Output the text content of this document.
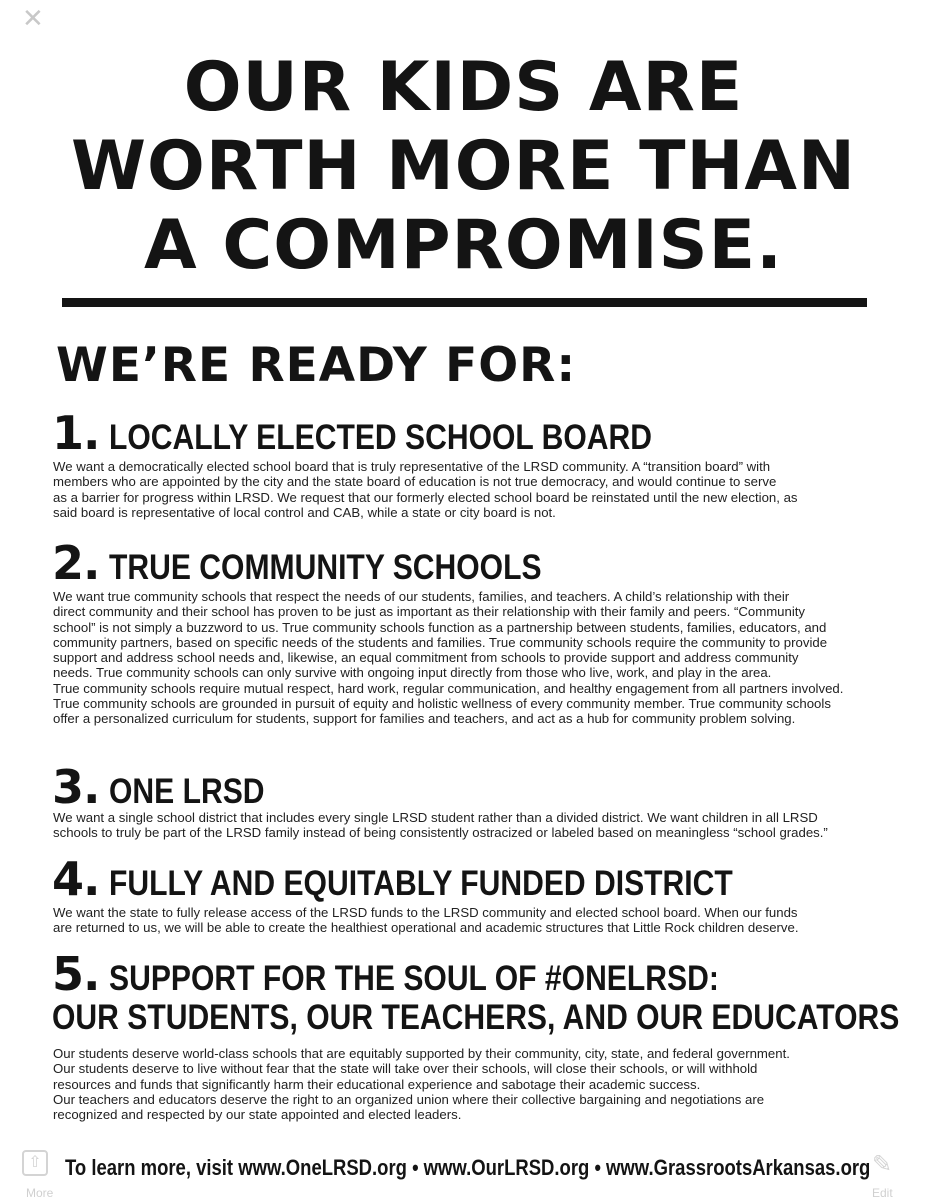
✕
OUR KIDS ARE
WORTH MORE THAN
A COMPROMISE.
WE’RE READY FOR:
1. LOCALLY ELECTED SCHOOL BOARD
We want a democratically elected school board that is truly representative of the LRSD community. A “transition board” with
members who are appointed by the city and the state board of education is not true democracy, and would continue to serve
as a barrier for progress within LRSD. We request that our formerly elected school board be reinstated until the new election, as
said board is representative of local control and CAB, while a state or city board is not.
2. TRUE COMMUNITY SCHOOLS
We want true community schools that respect the needs of our students, families, and teachers. A child’s relationship with their
direct community and their school has proven to be just as important as their relationship with their family and peers. “Community
school” is not simply a buzzword to us. True community schools function as a partnership between students, families, educators, and
community partners, based on specific needs of the students and families. True community schools require the community to provide
support and address school needs and, likewise, an equal commitment from schools to provide support and address community
needs. True community schools can only survive with ongoing input directly from those who live, work, and play in the area.
True community schools require mutual respect, hard work, regular communication, and healthy engagement from all partners involved.
True community schools are grounded in pursuit of equity and holistic wellness of every community member. True community schools
offer a personalized curriculum for students, support for families and teachers, and act as a hub for community problem solving.
3. ONE LRSD
We want a single school district that includes every single LRSD student rather than a divided district. We want children in all LRSD
schools to truly be part of the LRSD family instead of being consistently ostracized or labeled based on meaningless “school grades.”
4. FULLY AND EQUITABLY FUNDED DISTRICT
We want the state to fully release access of the LRSD funds to the LRSD community and elected school board. When our funds
are returned to us, we will be able to create the healthiest operational and academic structures that Little Rock children deserve.
5. SUPPORT FOR THE SOUL OF #ONELRSD:
OUR STUDENTS, OUR TEACHERS, AND OUR EDUCATORS
Our students deserve world-class schools that are equitably supported by their community, city, state, and federal government.
Our students deserve to live without fear that the state will take over their schools, will close their schools, or will withhold
resources and funds that significantly harm their educational experience and sabotage their academic success.
Our teachers and educators deserve the right to an organized union where their collective bargaining and negotiations are
recognized and respected by our state appointed and elected leaders.
To learn more, visit www.OneLRSD.org • www.OurLRSD.org • www.GrassrootsArkansas.org
⇧
More
✎
Edit
